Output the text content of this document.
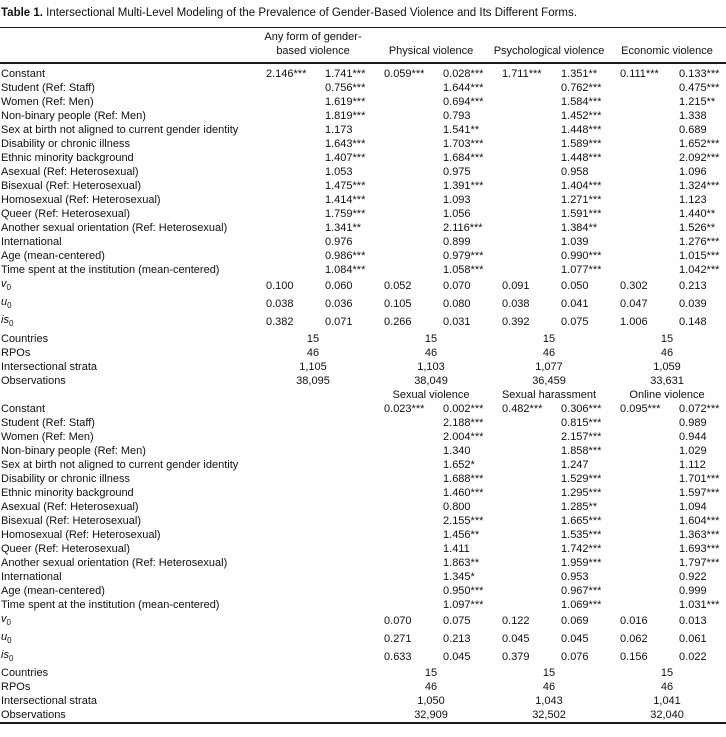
Table 1. Intersectional Multi-Level Modeling of the Prevalence of Gender-Based Violence and Its Different Forms.
	Any form of gender-based violence		Physical violence		Psychological violence		Economic violence	
Constant	2.146***	1.741***	0.059***	0.028***	1.711***	1.351**	0.111***	0.133***
Student (Ref: Staff)		0.756***		1.644***		0.762***		0.475***
Women (Ref: Men)		1.619***		0.694***		1.584***		1.215**
Non-binary people (Ref: Men)		1.819***		0.793		1.452***		1.338
Sex at birth not aligned to current gender identity		1.173		1.541**		1.448***		0.689
Disability or chronic illness		1.643***		1.703***		1.589***		1.652***
Ethnic minority background		1.407***		1.684***		1.448***		2.092***
Asexual (Ref: Heterosexual)		1.053		0.975		0.958		1.096
Bisexual (Ref: Heterosexual)		1.475***		1.391***		1.404***		1.324***
Homosexual (Ref: Heterosexual)		1.414***		1.093		1.271***		1.123
Queer (Ref: Heterosexual)		1.759***		1.056		1.591***		1.440**
Another sexual orientation (Ref: Heterosexual)		1.341**		2.116***		1.384**		1.526**
International		0.976		0.899		1.039		1.276***
Age (mean-centered)		0.986***		0.979***		0.990***		1.015***
Time spent at the institution (mean-centered)		1.084***		1.058***		1.077***		1.042***
$v_0$	0.100	0.060	0.052	0.070	0.091	0.050	0.302	0.213
$u_0$	0.038	0.036	0.105	0.080	0.038	0.041	0.047	0.039
$is_0$	0.382	0.071	0.266	0.031	0.392	0.075	1.006	0.148
Countries	15		15		15		15	
RPOs	46		46		46		46	
Intersectional strata	1,105		1,103		1,077		1,059	
Observations	38,095		38,049		36,459		33,631	
			Sexual violence		Sexual harassment		Online violence	
Constant			0.023***	0.002***	0.482***	0.306***	0.095***	0.072***
Student (Ref: Staff)				2.188***		0.815***		0.989
Women (Ref: Men)				2.004***		2.157***		0.944
Non-binary people (Ref: Men)				1.340		1.858***		1.029
Sex at birth not aligned to current gender identity				1.652*		1.247		1.112
Disability or chronic illness				1.688***		1.529***		1.701***
Ethnic minority background				1.460***		1.295***		1.597***
Asexual (Ref: Heterosexual)				0.800		1.285**		1.094
Bisexual (Ref: Heterosexual)				2.155***		1.665***		1.604***
Homosexual (Ref: Heterosexual)				1.456**		1.535***		1.363***
Queer (Ref: Heterosexual)				1.411		1.742***		1.693***
Another sexual orientation (Ref: Heterosexual)				1.863**		1.959***		1.797***
International				1.345*		0.953		0.922
Age (mean-centered)				0.950***		0.967***		0.999
Time spent at the institution (mean-centered)				1.097***		1.069***		1.031***
$v_0$			0.070	0.075	0.122	0.069	0.016	0.013
$u_0$			0.271	0.213	0.045	0.045	0.062	0.061
$is_0$			0.633	0.045	0.379	0.076	0.156	0.022
Countries			15		15		15	
RPOs			46		46		46	
Intersectional strata			1,050		1,043		1,041	
Observations			32,909		32,502		32,040	
